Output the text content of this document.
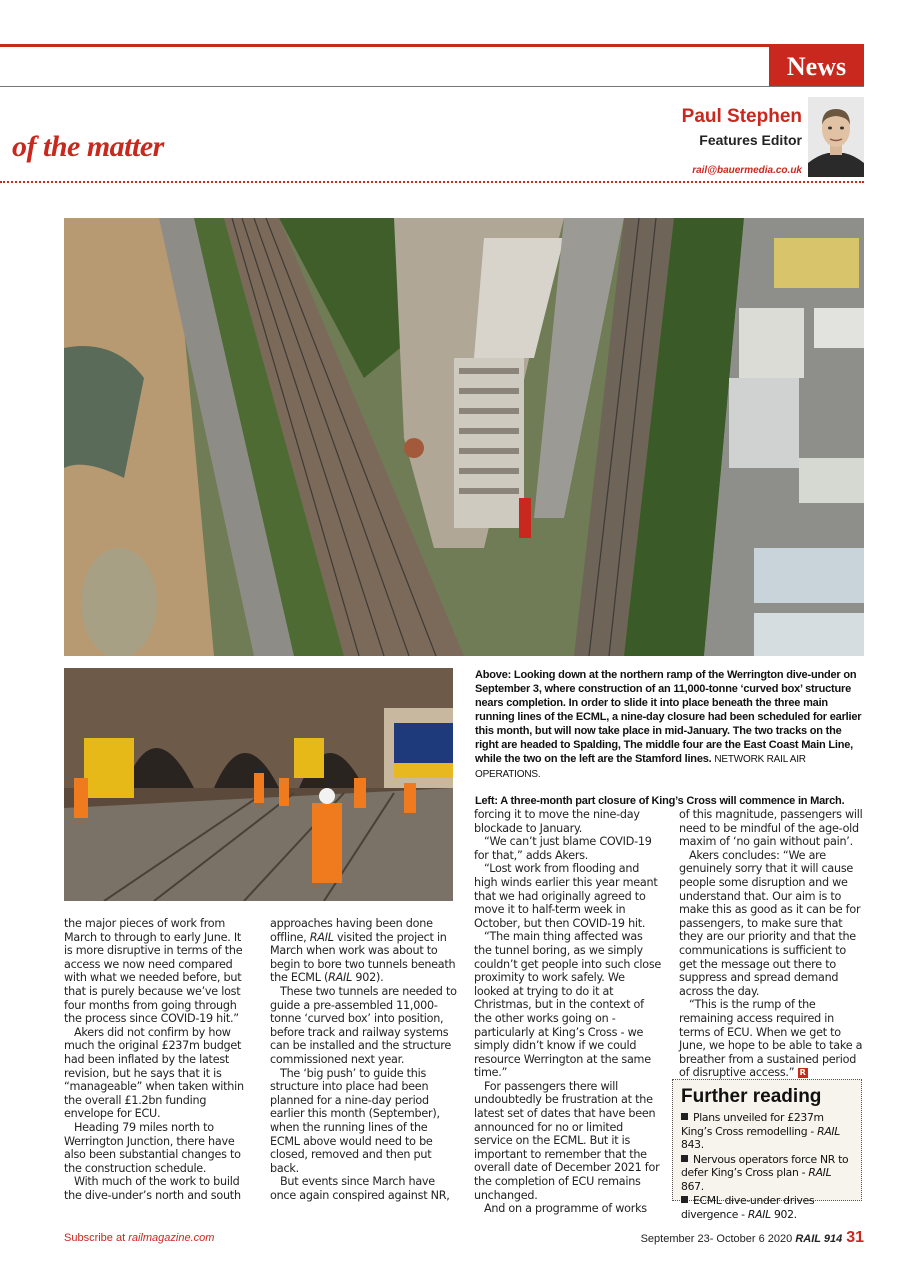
News
of the matter
Paul Stephen
Features Editor
rail@bauermedia.co.uk

Above: Looking down at the northern ramp of the Werrington dive-under on September 3, where construction of an 11,000-tonne ‘curved box’ structure nears completion. In order to slide it into place beneath the three main running lines of the ECML, a nine-day closure had been scheduled for earlier this month, but will now take place in mid-January. The two tracks on the right are headed to Spalding, The middle four are the East Coast Main Line, while the two on the left are the Stamford lines. NETWORK RAIL AIR OPERATIONS.

Left: A three-month part closure of King’s Cross will commence in March.

the major pieces of work from March to through to early June. It is more disruptive in terms of the access we now need compared with what we needed before, but that is purely because we’ve lost four months from going through the process since COVID-19 hit.”

Akers did not confirm by how much the original £237m budget had been inflated by the latest revision, but he says that it is “manageable” when taken within the overall £1.2bn funding envelope for ECU.

Heading 79 miles north to Werrington Junction, there have also been substantial changes to the construction schedule.

With much of the work to build the dive-under’s north and south

approaches having been done offline, RAIL visited the project in March when work was about to begin to bore two tunnels beneath the ECML (RAIL 902).

These two tunnels are needed to guide a pre-assembled 11,000-tonne ‘curved box’ into position, before track and railway systems can be installed and the structure commissioned next year.

The ‘big push’ to guide this structure into place had been planned for a nine-day period earlier this month (September), when the running lines of the ECML above would need to be closed, removed and then put back.

But events since March have once again conspired against NR,

forcing it to move the nine-day blockade to January.

“We can’t just blame COVID-19 for that,” adds Akers.

“Lost work from flooding and high winds earlier this year meant that we had originally agreed to move it to half-term week in October, but then COVID-19 hit.

“The main thing affected was the tunnel boring, as we simply couldn’t get people into such close proximity to work safely. We looked at trying to do it at Christmas, but in the context of the other works going on - particularly at King’s Cross - we simply didn’t know if we could resource Werrington at the same time.”

For passengers there will undoubtedly be frustration at the latest set of dates that have been announced for no or limited service on the ECML. But it is important to remember that the overall date of December 2021 for the completion of ECU remains unchanged.

And on a programme of works

of this magnitude, passengers will need to be mindful of the age-old maxim of ‘no gain without pain’.

Akers concludes: “We are genuinely sorry that it will cause people some disruption and we understand that. Our aim is to make this as good as it can be for passengers, to make sure that they are our priority and that the communications is sufficient to get the message out there to suppress and spread demand across the day.

“This is the rump of the remaining access required in terms of ECU. When we get to June, we hope to be able to take a breather from a sustained period of disruptive access.” R

Further reading
Plans unveiled for £237m King’s Cross remodelling - RAIL 843.
Nervous operators force NR to defer King’s Cross plan - RAIL 867.
ECML dive-under drives divergence - RAIL 902.
Subscribe at railmagazine.com	September 23- October 6 2020 RAIL 914 31
